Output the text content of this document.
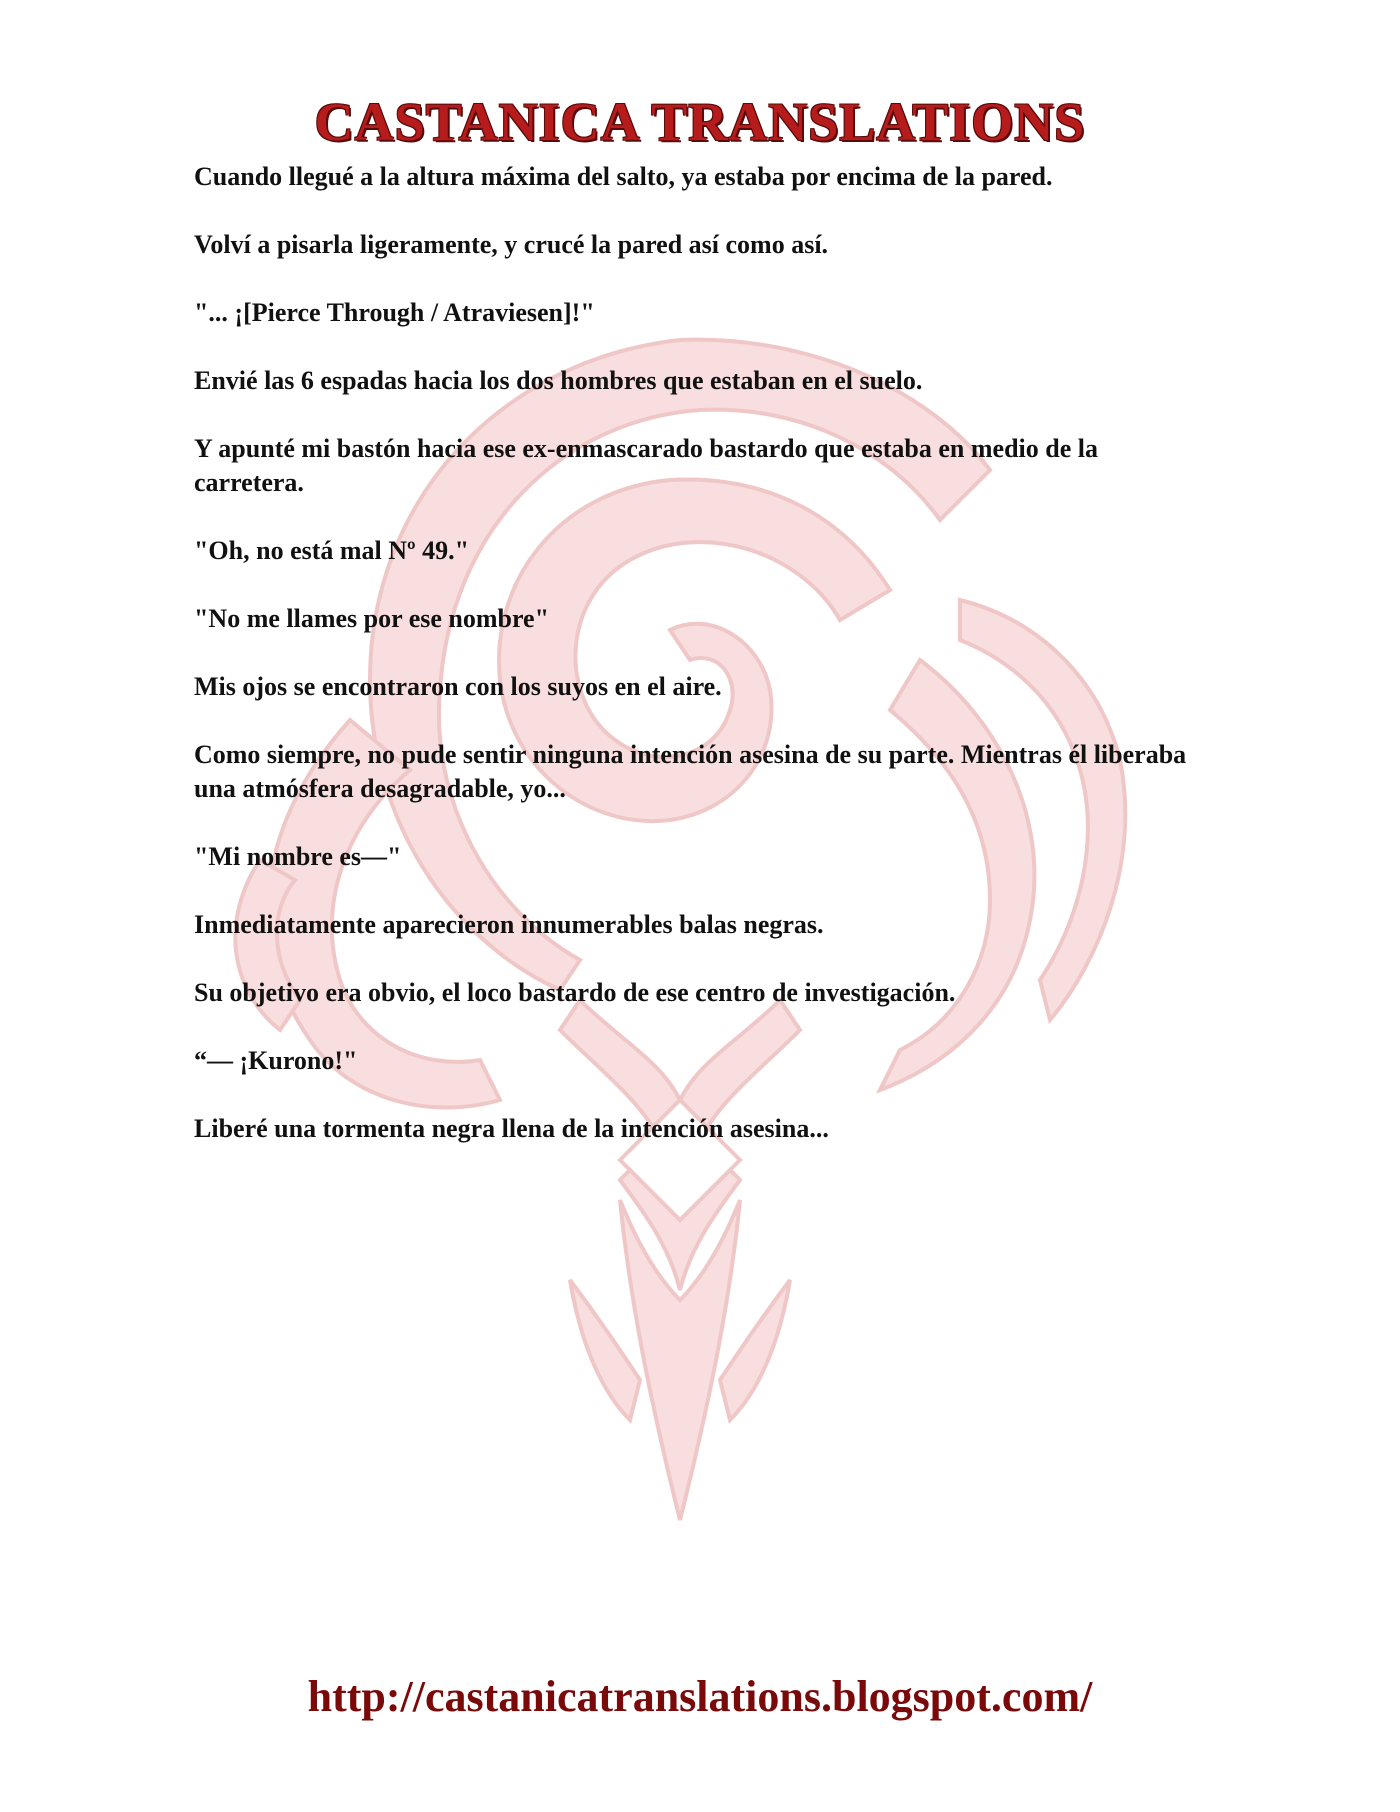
CASTANICA TRANSLATIONS

Cuando llegué a la altura máxima del salto, ya estaba por encima de la pared.

Volví a pisarla ligeramente, y crucé la pared así como así.

"... ¡[Pierce Through / Atraviesen]!"

Envié las 6 espadas hacia los dos hombres que estaban en el suelo.

Y apunté mi bastón hacia ese ex-enmascarado bastardo que estaba en medio de la carretera.

"Oh, no está mal Nº 49."

"No me llames por ese nombre"

Mis ojos se encontraron con los suyos en el aire.

Como siempre, no pude sentir ninguna intención asesina de su parte. Mientras él liberaba una atmósfera desagradable, yo...

"Mi nombre es—"

Inmediatamente aparecieron innumerables balas negras.

Su objetivo era obvio, el loco bastardo de ese centro de investigación.

“— ¡Kurono!"

Liberé una tormenta negra llena de la intención asesina...

http://castanicatranslations.blogspot.com/
